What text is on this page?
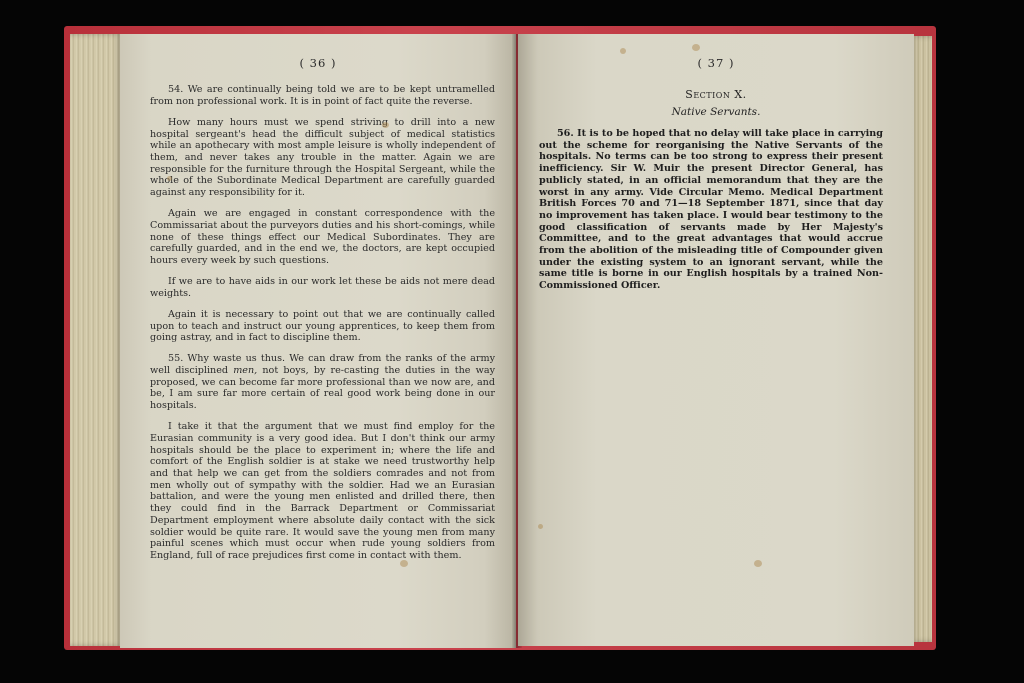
( 36 )

54. We are continually being told we are to be kept untramelled from non professional work. It is in point of fact quite the reverse.

How many hours must we spend striving to drill into a new hospital sergeant's head the difficult subject of medical statistics while an apothecary with most ample leisure is wholly independent of them, and never takes any trouble in the matter. Again we are responsible for the furniture through the Hospital Sergeant, while the whole of the Subordinate Medical Department are carefully guarded against any responsibility for it.

Again we are engaged in constant correspondence with the Commissariat about the purveyors duties and his short-comings, while none of these things effect our Medical Subordinates. They are carefully guarded, and in the end we, the doctors, are kept occupied hours every week by such questions.

If we are to have aids in our work let these be aids not mere dead weights.

Again it is necessary to point out that we are continually called upon to teach and instruct our young apprentices, to keep them from going astray, and in fact to discipline them.

55. Why waste us thus. We can draw from the ranks of the army well disciplined men, not boys, by re-casting the duties in the way proposed, we can become far more professional than we now are, and be, I am sure far more certain of real good work being done in our hospitals.

I take it that the argument that we must find employ for the Eurasian community is a very good idea. But I don't think our army hospitals should be the place to experiment in; where the life and comfort of the English soldier is at stake we need trustworthy help and that help we can get from the soldiers comrades and not from men wholly out of sympathy with the soldier. Had we an Eurasian battalion, and were the young men enlisted and drilled there, then they could find in the Barrack Department or Commissariat Department employment where absolute daily contact with the sick soldier would be quite rare. It would save the young men from many painful scenes which must occur when rude young soldiers from England, full of race prejudices first come in contact with them.

( 37 )
Section X.
Native Servants.

56. It is to be hoped that no delay will take place in carrying out the scheme for reorganising the Native Servants of the hospitals. No terms can be too strong to express their present inefficiency. Sir W. Muir the present Director General, has publicly stated, in an official memorandum that they are the worst in any army. Vide Circular Memo. Medical Department British Forces 70 and 71—18 September 1871, since that day no improvement has taken place. I would bear testimony to the good classification of servants made by Her Majesty's Committee, and to the great advantages that would accrue from the abolition of the misleading title of Compounder given under the existing system to an ignorant servant, while the same title is borne in our English hospitals by a trained Non-Commissioned Officer.
